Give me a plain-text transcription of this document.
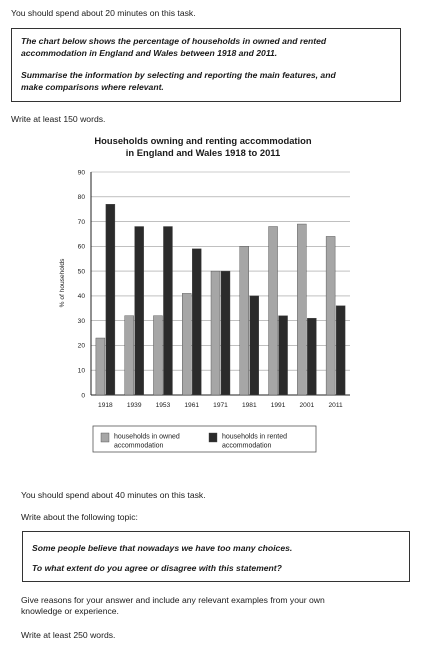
You should spend about 20 minutes on this task.

The chart below shows the percentage of households in owned and rented

accommodation in England and Wales between 1918 and 2011.

Summarise the information by selecting and reporting the main features, and

make comparisons where relevant.

Write at least 150 words.
Households owning and renting accommodation
in England and Wales 1918 to 2011
% of households
0
10
20
30
40
50
60
70
80
90
1918 1939 1953 1961 1971 1981 1991 2001 2011
households in owned
accommodation
households in rented
accommodation
You should spend about 40 minutes on this task.
Write about the following topic:

Some people believe that nowadays we have too many choices.

To what extent do you agree or disagree with this statement?

Give reasons for your answer and include any relevant examples from your own
knowledge or experience.
Write at least 250 words.
